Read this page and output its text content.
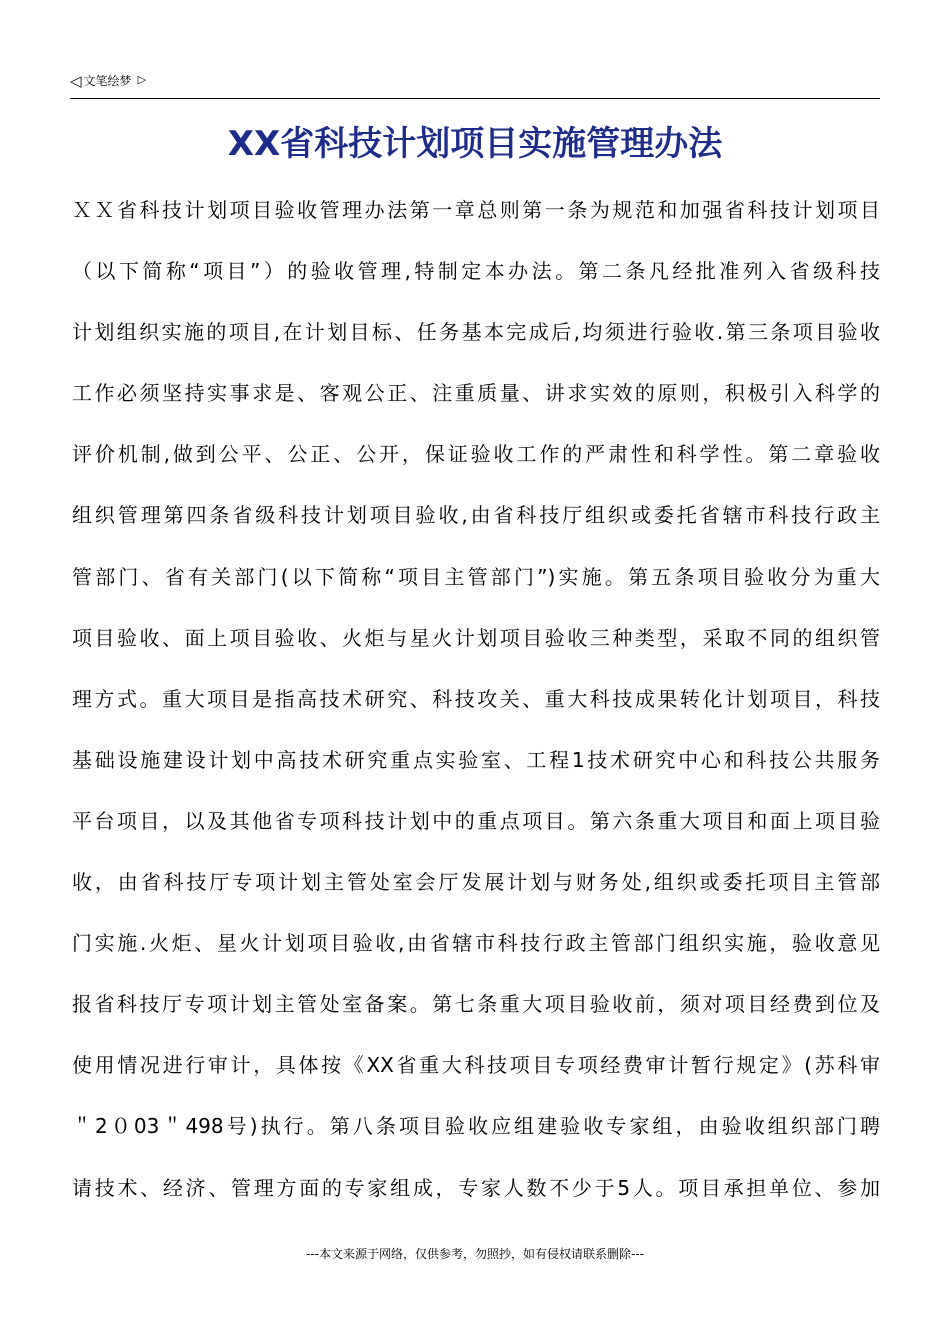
◁ 文笔绘梦 ▷
XX省科技计划项目实施管理办法
ＸＸ省科技计划项目验收管理办法第一章总则第一条为规范和加强省科技计划项目
（以下简称“项目”）的验收管理,特制定本办法。第二条凡经批准列入省级科技
计划组织实施的项目,在计划目标、任务基本完成后,均须进行验收.第三条项目验收
工作必须坚持实事求是、客观公正、注重质量、讲求实效的原则，积极引入科学的
评价机制,做到公平、公正、公开，保证验收工作的严肃性和科学性。第二章验收
组织管理第四条省级科技计划项目验收,由省科技厅组织或委托省辖市科技行政主
管部门、省有关部门(以下简称“项目主管部门”)实施。第五条项目验收分为重大
项目验收、面上项目验收、火炬与星火计划项目验收三种类型，采取不同的组织管
理方式。重大项目是指高技术研究、科技攻关、重大科技成果转化计划项目，科技
基础设施建设计划中高技术研究重点实验室、工程1技术研究中心和科技公共服务
平台项目，以及其他省专项科技计划中的重点项目。第六条重大项目和面上项目验
收，由省科技厅专项计划主管处室会厅发展计划与财务处,组织或委托项目主管部
门实施.火炬、星火计划项目验收,由省辖市科技行政主管部门组织实施，验收意见
报省科技厅专项计划主管处室备案。第七条重大项目验收前，须对项目经费到位及
使用情况进行审计，具体按《XX省重大科技项目专项经费审计暂行规定》(苏科审
＂2０03＂498号)执行。第八条项目验收应组建验收专家组，由验收组织部门聘
请技术、经济、管理方面的专家组成，专家人数不少于5人。项目承担单位、参加
---本文来源于网络，仅供参考，勿照抄，如有侵权请联系删除---
